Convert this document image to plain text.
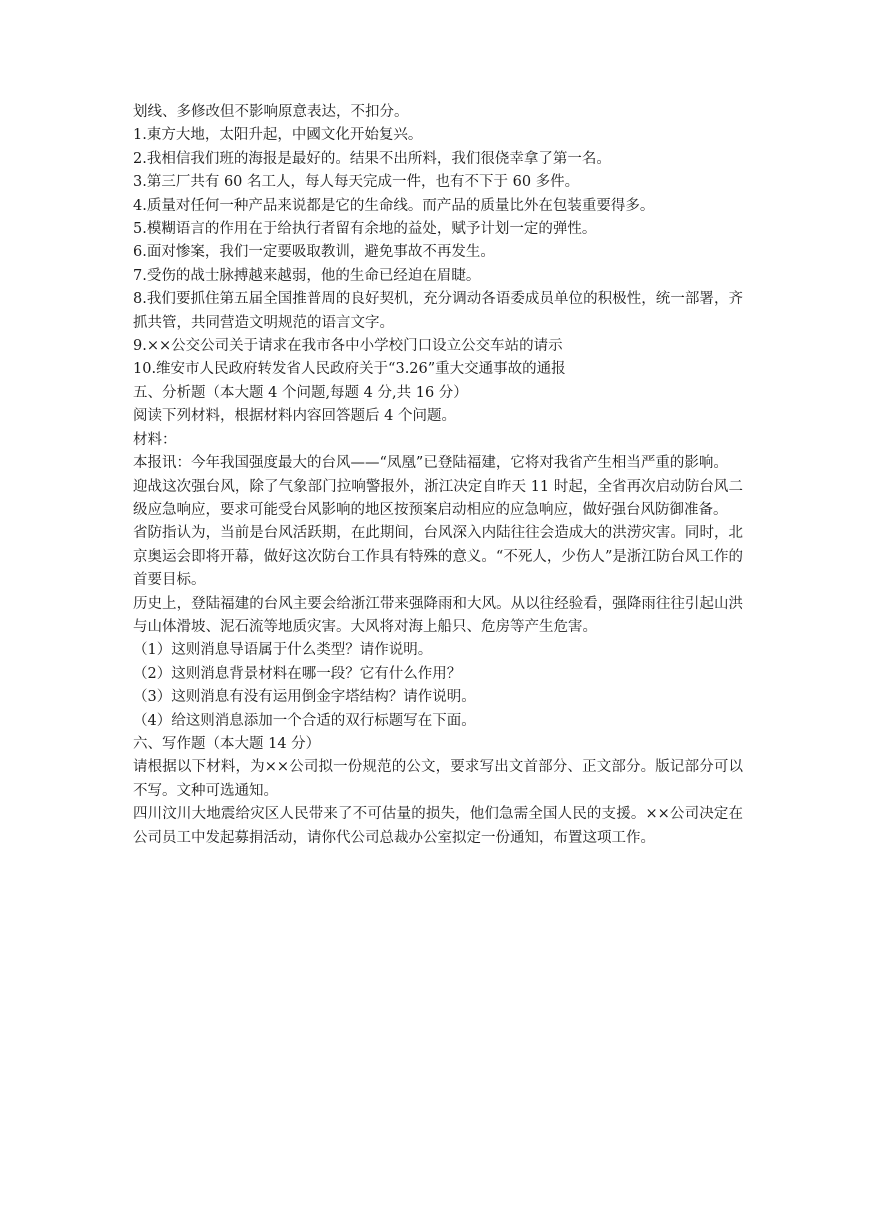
划线、多修改但不影响原意表达，不扣分。
1.東方大地，太阳升起，中國文化开始复兴。
2.我相信我们班的海报是最好的。结果不出所料，我们很侥幸拿了第一名。
3.第三厂共有 60 名工人，每人每天完成一件，也有不下于 60 多件。
4.质量对任何一种产品来说都是它的生命线。而产品的质量比外在包装重要得多。
5.模糊语言的作用在于给执行者留有余地的益处，赋予计划一定的弹性。
6.面对惨案，我们一定要吸取教训，避免事故不再发生。
7.受伤的战士脉搏越来越弱，他的生命已经迫在眉睫。
8.我们要抓住第五届全国推普周的良好契机，充分调动各语委成员单位的积极性，统一部署，齐抓共管，共同营造文明规范的语言文字。
9.××公交公司关于请求在我市各中小学校门口设立公交车站的请示
10.维安市人民政府转发省人民政府关于“3.26”重大交通事故的通报
五、分析题（本大题 4 个问题,每题 4 分,共 16 分）
阅读下列材料，根据材料内容回答题后 4 个问题。
材料：
本报讯：今年我国强度最大的台风——“凤凰”已登陆福建，它将对我省产生相当严重的影响。
迎战这次强台风，除了气象部门拉响警报外，浙江决定自昨天 11 时起，全省再次启动防台风二级应急响应，要求可能受台风影响的地区按预案启动相应的应急响应，做好强台风防御准备。
省防指认为，当前是台风活跃期，在此期间，台风深入内陆往往会造成大的洪涝灾害。同时，北京奥运会即将开幕，做好这次防台工作具有特殊的意义。“不死人，少伤人”是浙江防台风工作的首要目标。
历史上，登陆福建的台风主要会给浙江带来强降雨和大风。从以往经验看，强降雨往往引起山洪与山体滑坡、泥石流等地质灾害。大风将对海上船只、危房等产生危害。
（1）这则消息导语属于什么类型？请作说明。
（2）这则消息背景材料在哪一段？它有什么作用？
（3）这则消息有没有运用倒金字塔结构？请作说明。
（4）给这则消息添加一个合适的双行标题写在下面。
六、写作题（本大题 14 分）
请根据以下材料，为××公司拟一份规范的公文，要求写出文首部分、正文部分。版记部分可以不写。文种可选通知。
四川汶川大地震给灾区人民带来了不可估量的损失，他们急需全国人民的支援。××公司决定在公司员工中发起募捐活动，请你代公司总裁办公室拟定一份通知，布置这项工作。
